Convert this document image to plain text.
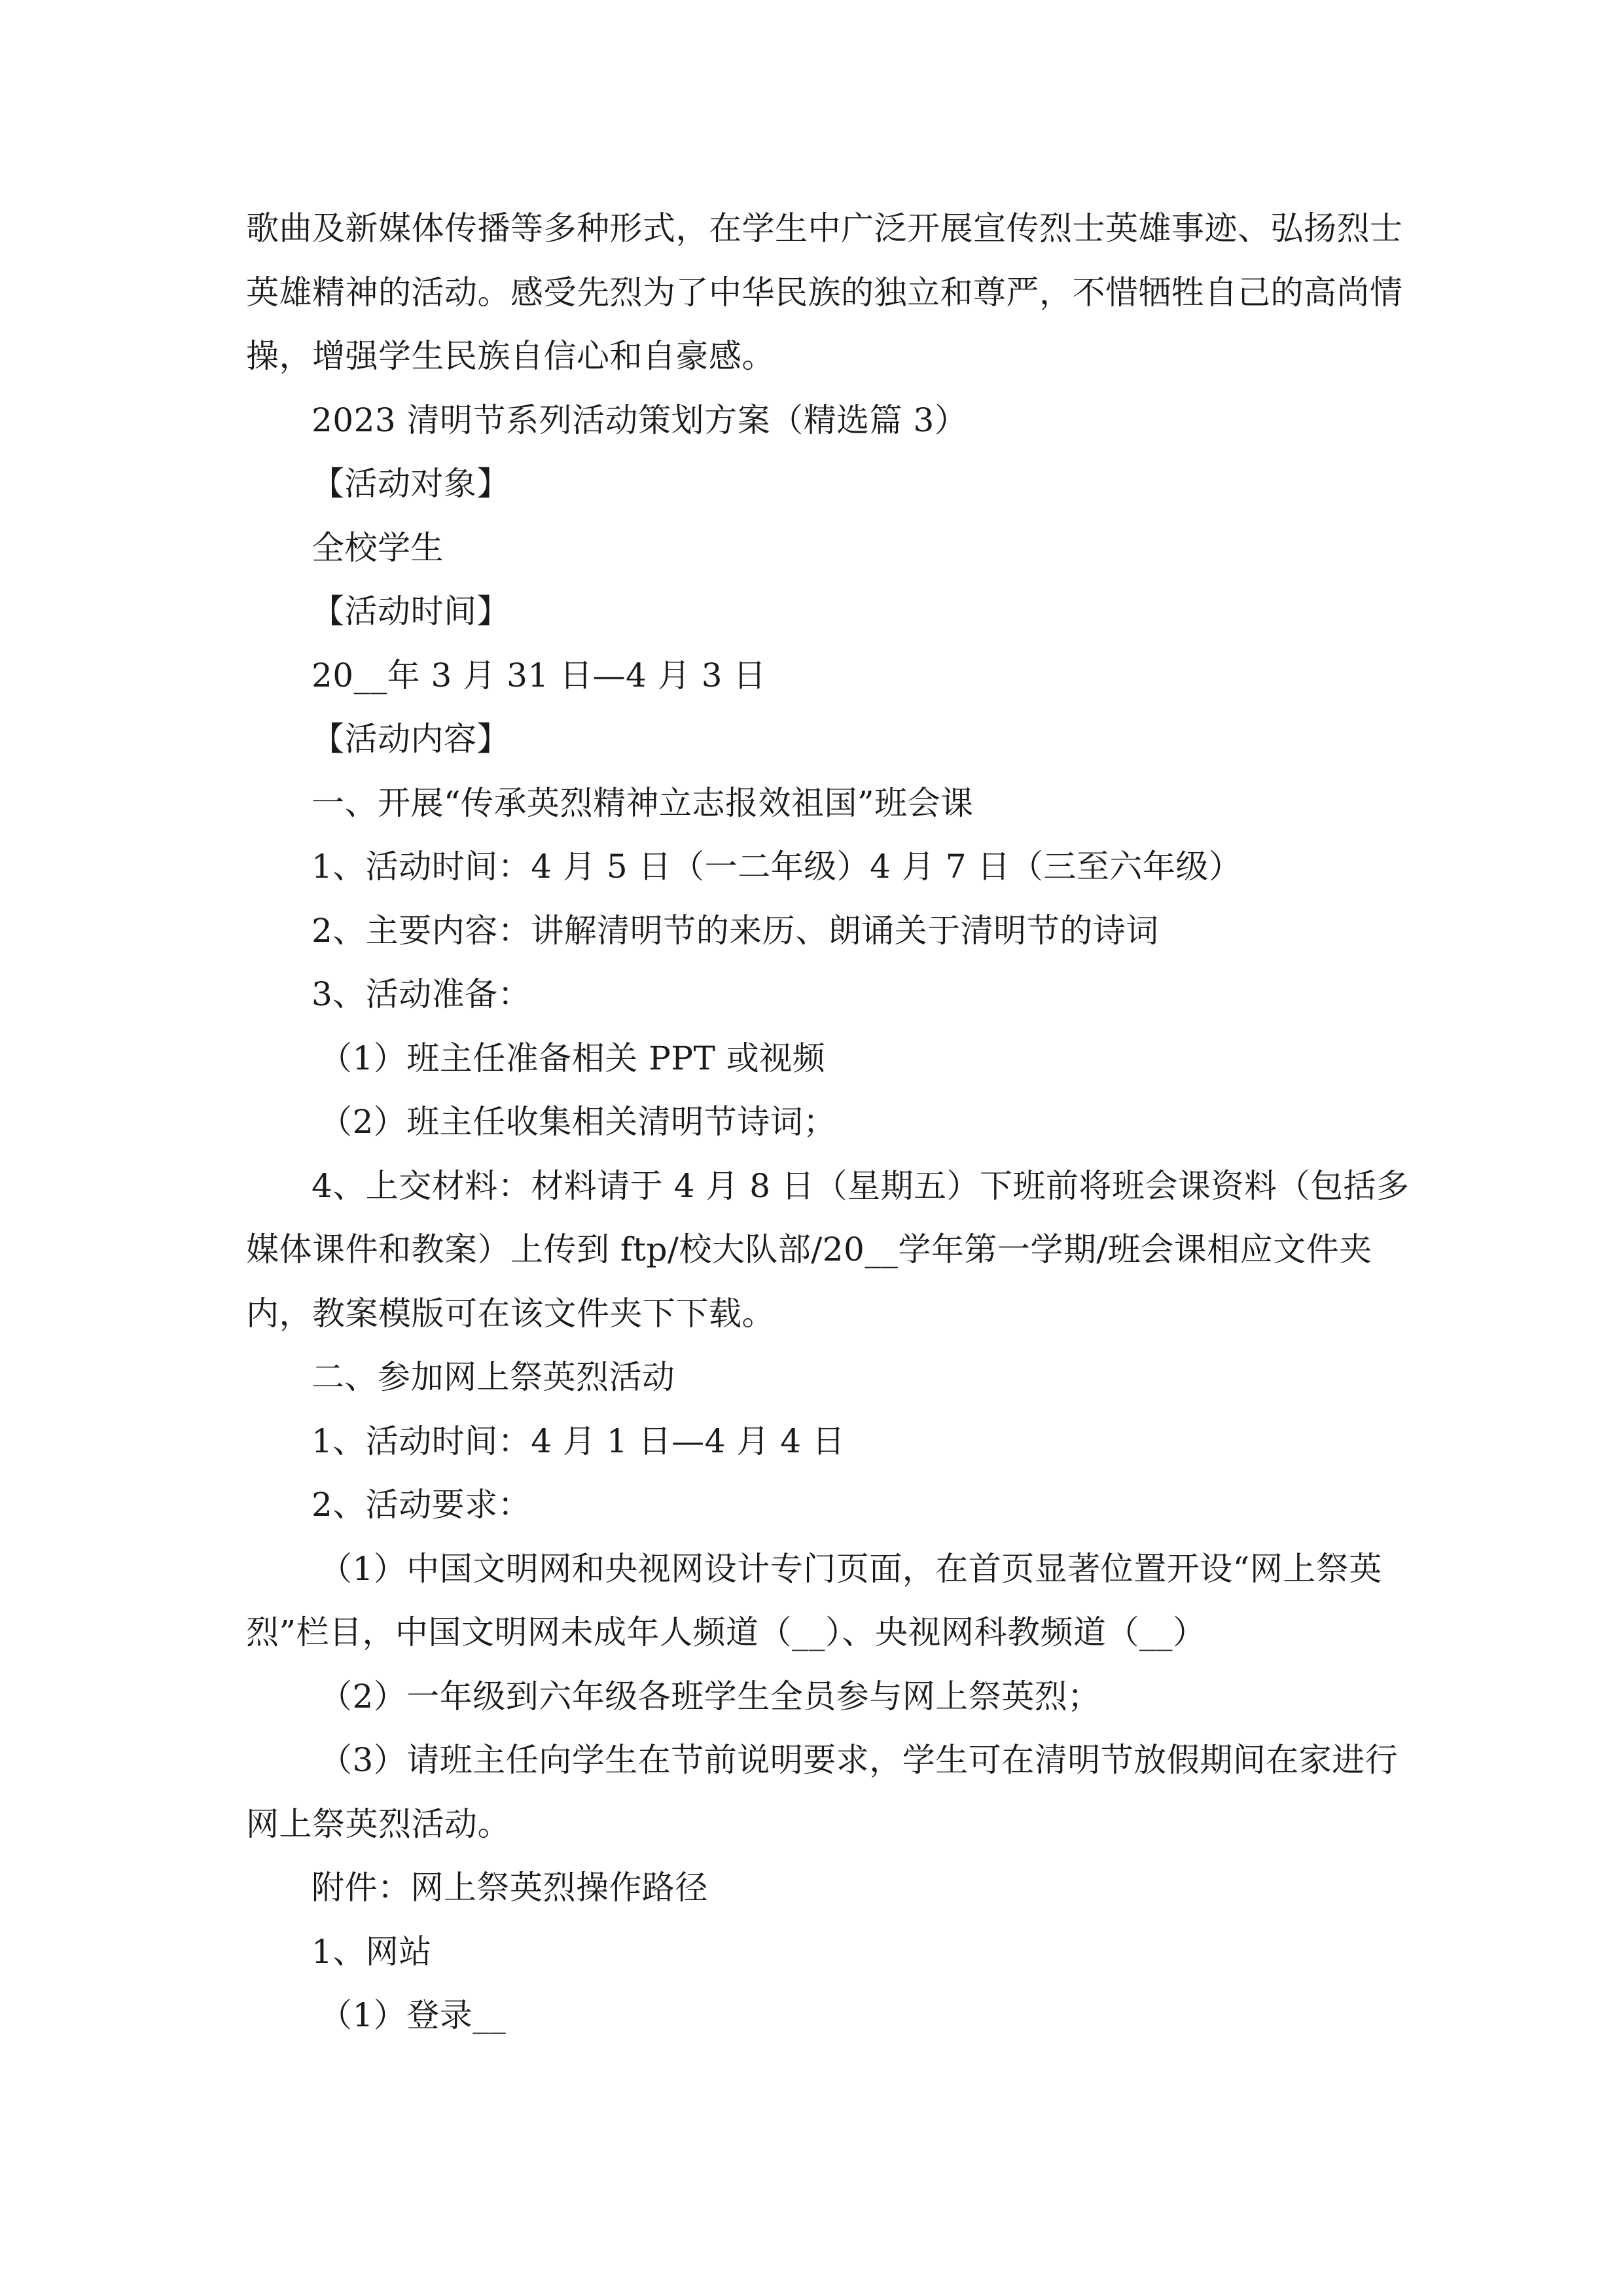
歌曲及新媒体传播等多种形式，在学生中广泛开展宣传烈士英雄事迹、弘扬烈士
英雄精神的活动。感受先烈为了中华民族的独立和尊严，不惜牺牲自己的高尚情
操，增强学生民族自信心和自豪感。
2023 清明节系列活动策划方案（精选篇 3）
【活动对象】
全校学生
【活动时间】
20__年 3 月 31 日—4 月 3 日
【活动内容】
一、开展“传承英烈精神立志报效祖国”班会课
1、活动时间：4 月 5 日（一二年级）4 月 7 日（三至六年级）
2、主要内容：讲解清明节的来历、朗诵关于清明节的诗词
3、活动准备：
（1）班主任准备相关 PPT 或视频
（2）班主任收集相关清明节诗词；
4、上交材料：材料请于 4 月 8 日（星期五）下班前将班会课资料（包括多
媒体课件和教案）上传到 ftp/校大队部/20__学年第一学期/班会课相应文件夹
内，教案模版可在该文件夹下下载。
二、参加网上祭英烈活动
1、活动时间：4 月 1 日—4 月 4 日
2、活动要求：
（1）中国文明网和央视网设计专门页面，在首页显著位置开设“网上祭英
烈”栏目，中国文明网未成年人频道（__）、央视网科教频道（__）
（2）一年级到六年级各班学生全员参与网上祭英烈；
（3）请班主任向学生在节前说明要求，学生可在清明节放假期间在家进行
网上祭英烈活动。
附件：网上祭英烈操作路径
1、网站
（1）登录__
